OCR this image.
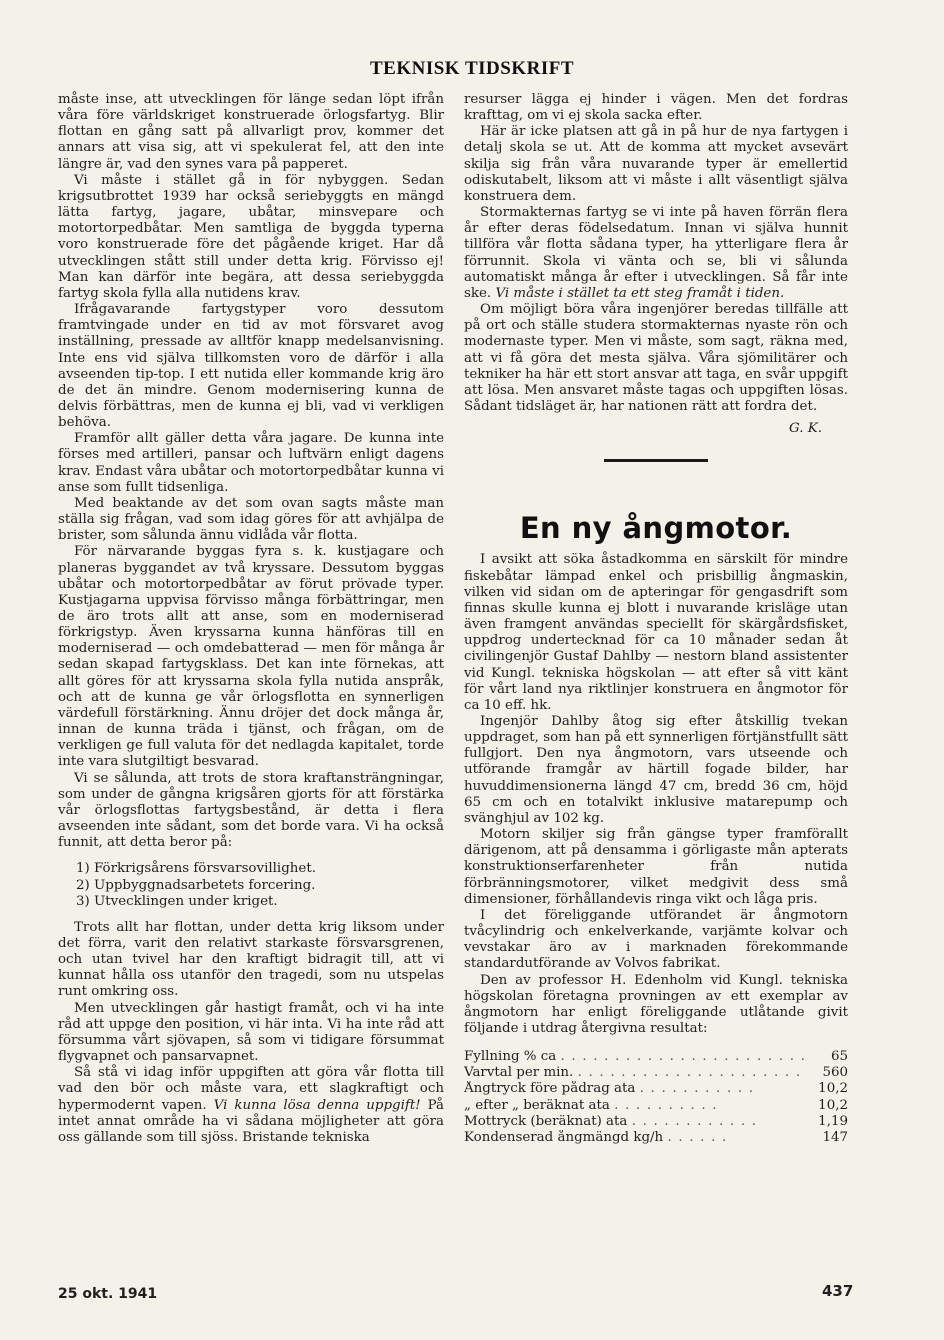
TEKNISK TIDSKRIFT

måste inse, att utvecklingen för länge sedan löpt ifrån våra före världskriget konstruerade örlogsfartyg. Blir flottan en gång satt på allvarligt prov, kommer det annars att visa sig, att vi spekulerat fel, att den inte längre är, vad den synes vara på papperet.

Vi måste i stället gå in för nybyggen. Sedan krigsutbrottet 1939 har också seriebyggts en mängd lätta fartyg, jagare, ubåtar, minsvepare och motortorpedbåtar. Men samtliga de byggda typerna voro konstruerade före det pågående kriget. Har då utvecklingen stått still under detta krig. Förvisso ej! Man kan därför inte begära, att dessa seriebyggda fartyg skola fylla alla nutidens krav.

Ifrågavarande fartygstyper voro dessutom framtvingade under en tid av mot försvaret avog inställning, pressade av alltför knapp medelsanvisning. Inte ens vid själva tillkomsten voro de därför i alla avseenden tip-top. I ett nutida eller kommande krig äro de det än mindre. Genom modernisering kunna de delvis förbättras, men de kunna ej bli, vad vi verkligen behöva.

Framför allt gäller detta våra jagare. De kunna inte förses med artilleri, pansar och luftvärn enligt dagens krav. Endast våra ubåtar och motortorpedbåtar kunna vi anse som fullt tidsenliga.

Med beaktande av det som ovan sagts måste man ställa sig frågan, vad som idag göres för att avhjälpa de brister, som sålunda ännu vidlåda vår flotta.

För närvarande byggas fyra s. k. kustjagare och planeras byggandet av två kryssare. Dessutom byggas ubåtar och motortorpedbåtar av förut prövade typer. Kustjagarna uppvisa förvisso många förbättringar, men de äro trots allt att anse, som en moderniserad förkrigstyp. Även kryssarna kunna hänföras till en moderniserad — och omdebatterad — men för många år sedan skapad fartygsklass. Det kan inte förnekas, att allt göres för att kryssarna skola fylla nutida anspråk, och att de kunna ge vår örlogsflotta en synnerligen värdefull förstärkning. Ännu dröjer det dock många år, innan de kunna träda i tjänst, och frågan, om de verkligen ge full valuta för det nedlagda kapitalet, torde inte vara slutgiltigt besvarad.

Vi se sålunda, att trots de stora kraftansträngningar, som under de gångna krigsåren gjorts för att förstärka vår örlogsflottas fartygsbestånd, är detta i flera avseenden inte sådant, som det borde vara. Vi ha också funnit, att detta beror på:

1) Förkrigsårens försvarsovillighet.
2) Uppbyggnadsarbetets forcering.
3) Utvecklingen under kriget.

Trots allt har flottan, under detta krig liksom under det förra, varit den relativt starkaste försvarsgrenen, och utan tvivel har den kraftigt bidragit till, att vi kunnat hålla oss utanför den tragedi, som nu utspelas runt omkring oss.

Men utvecklingen går hastigt framåt, och vi ha inte råd att uppge den position, vi här inta. Vi ha inte råd att försumma vårt sjövapen, så som vi tidigare försummat flygvapnet och pansarvapnet.

Så stå vi idag inför uppgiften att göra vår flotta till vad den bör och måste vara, ett slagkraftigt och hypermodernt vapen. Vi kunna lösa denna uppgift! På intet annat område ha vi sådana möjligheter att göra oss gällande som till sjöss. Bristande tekniska

resurser lägga ej hinder i vägen. Men det fordras krafttag, om vi ej skola sacka efter.

Här är icke platsen att gå in på hur de nya fartygen i detalj skola se ut. Att de komma att mycket avsevärt skilja sig från våra nuvarande typer är emellertid odiskutabelt, liksom att vi måste i allt väsentligt själva konstruera dem.

Stormakternas fartyg se vi inte på haven förrän flera år efter deras födelsedatum. Innan vi själva hunnit tillföra vår flotta sådana typer, ha ytterligare flera år förrunnit. Skola vi vänta och se, bli vi sålunda automatiskt många år efter i utvecklingen. Så får inte ske. Vi måste i stället ta ett steg framåt i tiden.

Om möjligt böra våra ingenjörer beredas tillfälle att på ort och ställe studera stormakternas nyaste rön och modernaste typer. Men vi måste, som sagt, räkna med, att vi få göra det mesta själva. Våra sjömilitärer och tekniker ha här ett stort ansvar att taga, en svår uppgift att lösa. Men ansvaret måste tagas och uppgiften lösas. Sådant tidsläget är, har nationen rätt att fordra det.

G. K.
En ny ångmotor.

I avsikt att söka åstadkomma en särskilt för mindre fiskebåtar lämpad enkel och prisbillig ångmaskin, vilken vid sidan om de apteringar för gengasdrift som finnas skulle kunna ej blott i nuvarande krisläge utan även framgent användas speciellt för skärgårdsfisket, uppdrog undertecknad för ca 10 månader sedan åt civilingenjör Gustaf Dahlby — nestorn bland assistenter vid Kungl. tekniska högskolan — att efter så vitt känt för vårt land nya riktlinjer konstruera en ångmotor för ca 10 eff. hk.

Ingenjör Dahlby åtog sig efter åtskillig tvekan uppdraget, som han på ett synnerligen förtjänstfullt sätt fullgjort. Den nya ångmotorn, vars utseende och utförande framgår av härtill fogade bilder, har huvuddimensionerna längd 47 cm, bredd 36 cm, höjd 65 cm och en totalvikt inklusive matarepump och svänghjul av 102 kg.

Motorn skiljer sig från gängse typer framförallt därigenom, att på densamma i görligaste mån apterats konstruktionserfarenheter från nutida förbränningsmotorer, vilket medgivit dess små dimensioner, förhållandevis ringa vikt och låga pris.

I det föreliggande utförandet är ångmotorn tvåcylindrig och enkelverkande, varjämte kolvar och vevstakar äro av i marknaden förekommande standardutförande av Volvos fabrikat.

Den av professor H. Edenholm vid Kungl. tekniska högskolan företagna provningen av ett exemplar av ångmotorn har enligt föreliggande utlåtande givit följande i utdrag återgivna resultat:

Fyllning % ca . . . . . . . . . . . . . . . . . . . . . . .	65
Varvtal per min. . . . . . . . . . . . . . . . . . . . . .	560
Ångtryck före pådrag ata . . . . . . . . . . .	10,2
„ efter „ beräknat ata . . . . . . . . . .	10,2
Mottryck (beräknat) ata . . . . . . . . . . . .	1,19
Kondenserad ångmängd kg/h . . . . . .	147
25 okt. 1941	437
